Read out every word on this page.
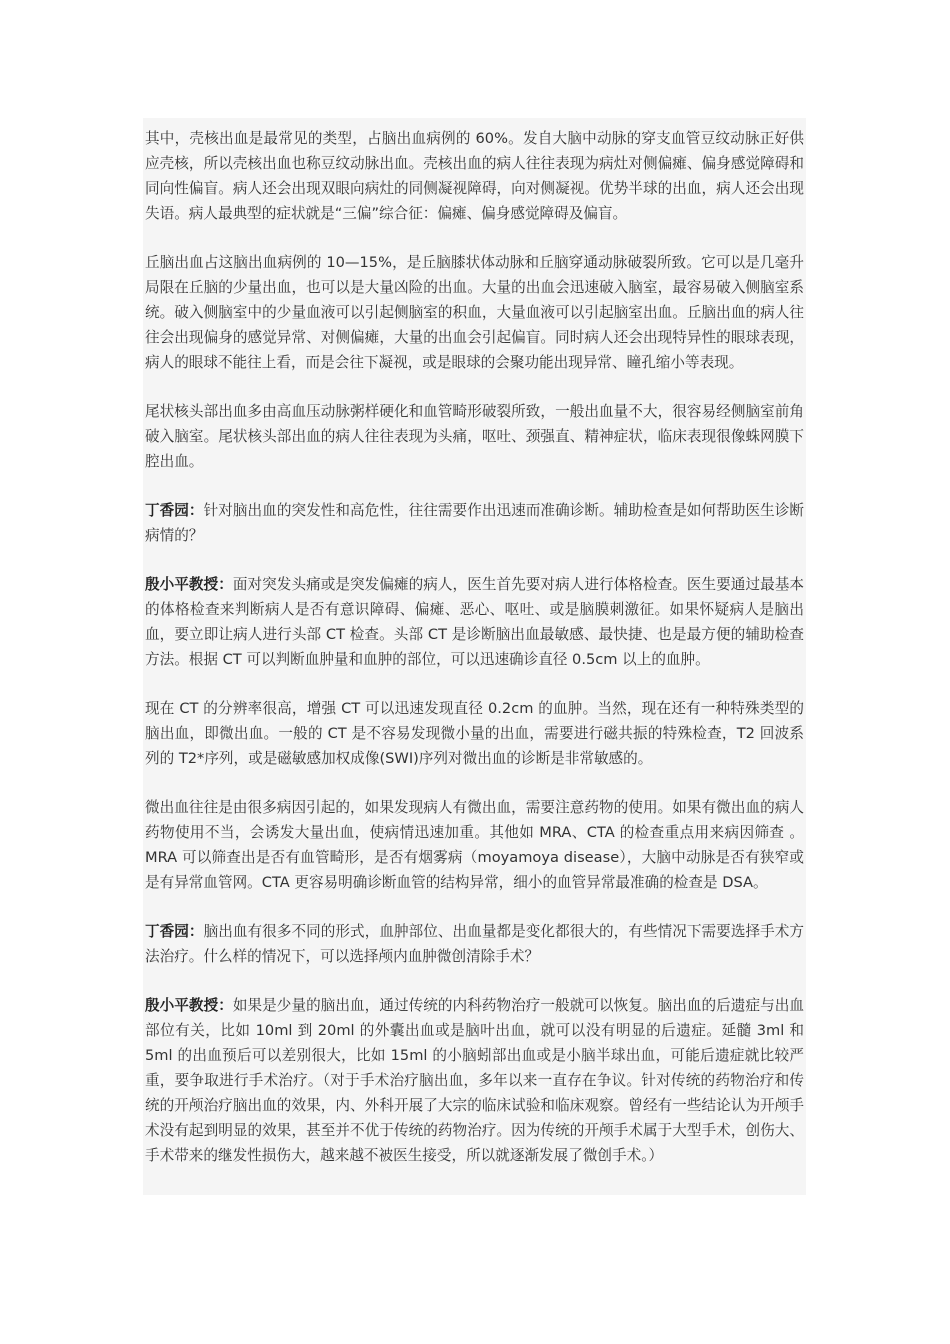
其中，壳核出血是最常见的类型，占脑出血病例的 60%。发自大脑中动脉的穿支血管豆纹动脉正好供应壳核，所以壳核出血也称豆纹动脉出血。壳核出血的病人往往表现为病灶对侧偏瘫、偏身感觉障碍和同向性偏盲。病人还会出现双眼向病灶的同侧凝视障碍，向对侧凝视。优势半球的出血，病人还会出现失语。病人最典型的症状就是“三偏”综合征：偏瘫、偏身感觉障碍及偏盲。

丘脑出血占这脑出血病例的 10—15%，是丘脑膝状体动脉和丘脑穿通动脉破裂所致。它可以是几毫升局限在丘脑的少量出血，也可以是大量凶险的出血。大量的出血会迅速破入脑室，最容易破入侧脑室系统。破入侧脑室中的少量血液可以引起侧脑室的积血，大量血液可以引起脑室出血。丘脑出血的病人往往会出现偏身的感觉异常、对侧偏瘫，大量的出血会引起偏盲。同时病人还会出现特异性的眼球表现，病人的眼球不能往上看，而是会往下凝视，或是眼球的会聚功能出现异常、瞳孔缩小等表现。

尾状核头部出血多由高血压动脉粥样硬化和血管畸形破裂所致，一般出血量不大，很容易经侧脑室前角破入脑室。尾状核头部出血的病人往往表现为头痛，呕吐、颈强直、精神症状，临床表现很像蛛网膜下腔出血。

丁香园：针对脑出血的突发性和高危性，往往需要作出迅速而准确诊断。辅助检查是如何帮助医生诊断病情的？

殷小平教授：面对突发头痛或是突发偏瘫的病人，医生首先要对病人进行体格检查。医生要通过最基本的体格检查来判断病人是否有意识障碍、偏瘫、恶心、呕吐、或是脑膜刺激征。如果怀疑病人是脑出血，要立即让病人进行头部 CT 检查。头部 CT 是诊断脑出血最敏感、最快捷、也是最方便的辅助检查方法。根据 CT 可以判断血肿量和血肿的部位，可以迅速确诊直径 0.5cm 以上的血肿。

现在 CT 的分辨率很高，增强 CT 可以迅速发现直径 0.2cm 的血肿。当然，现在还有一种特殊类型的脑出血，即微出血。一般的 CT 是不容易发现微小量的出血，需要进行磁共振的特殊检查，T2 回波系列的 T2*序列，或是磁敏感加权成像(SWI)序列对微出血的诊断是非常敏感的。

微出血往往是由很多病因引起的，如果发现病人有微出血，需要注意药物的使用。如果有微出血的病人药物使用不当，会诱发大量出血，使病情迅速加重。其他如 MRA、CTA 的检查重点用来病因筛查 。MRA 可以筛查出是否有血管畸形，是否有烟雾病（moyamoya disease），大脑中动脉是否有狭窄或是有异常血管网。CTA 更容易明确诊断血管的结构异常，细小的血管异常最准确的检查是 DSA。

丁香园：脑出血有很多不同的形式，血肿部位、出血量都是变化都很大的，有些情况下需要选择手术方法治疗。什么样的情况下，可以选择颅内血肿微创清除手术？

殷小平教授：如果是少量的脑出血，通过传统的内科药物治疗一般就可以恢复。脑出血的后遗症与出血部位有关，比如 10ml 到 20ml 的外囊出血或是脑叶出血，就可以没有明显的后遗症。延髓 3ml 和 5ml 的出血预后可以差别很大，比如 15ml 的小脑蚓部出血或是小脑半球出血，可能后遗症就比较严重，要争取进行手术治疗。（对于手术治疗脑出血，多年以来一直存在争议。针对传统的药物治疗和传统的开颅治疗脑出血的效果，内、外科开展了大宗的临床试验和临床观察。曾经有一些结论认为开颅手术没有起到明显的效果，甚至并不优于传统的药物治疗。因为传统的开颅手术属于大型手术，创伤大、手术带来的继发性损伤大，越来越不被医生接受，所以就逐渐发展了微创手术。）
